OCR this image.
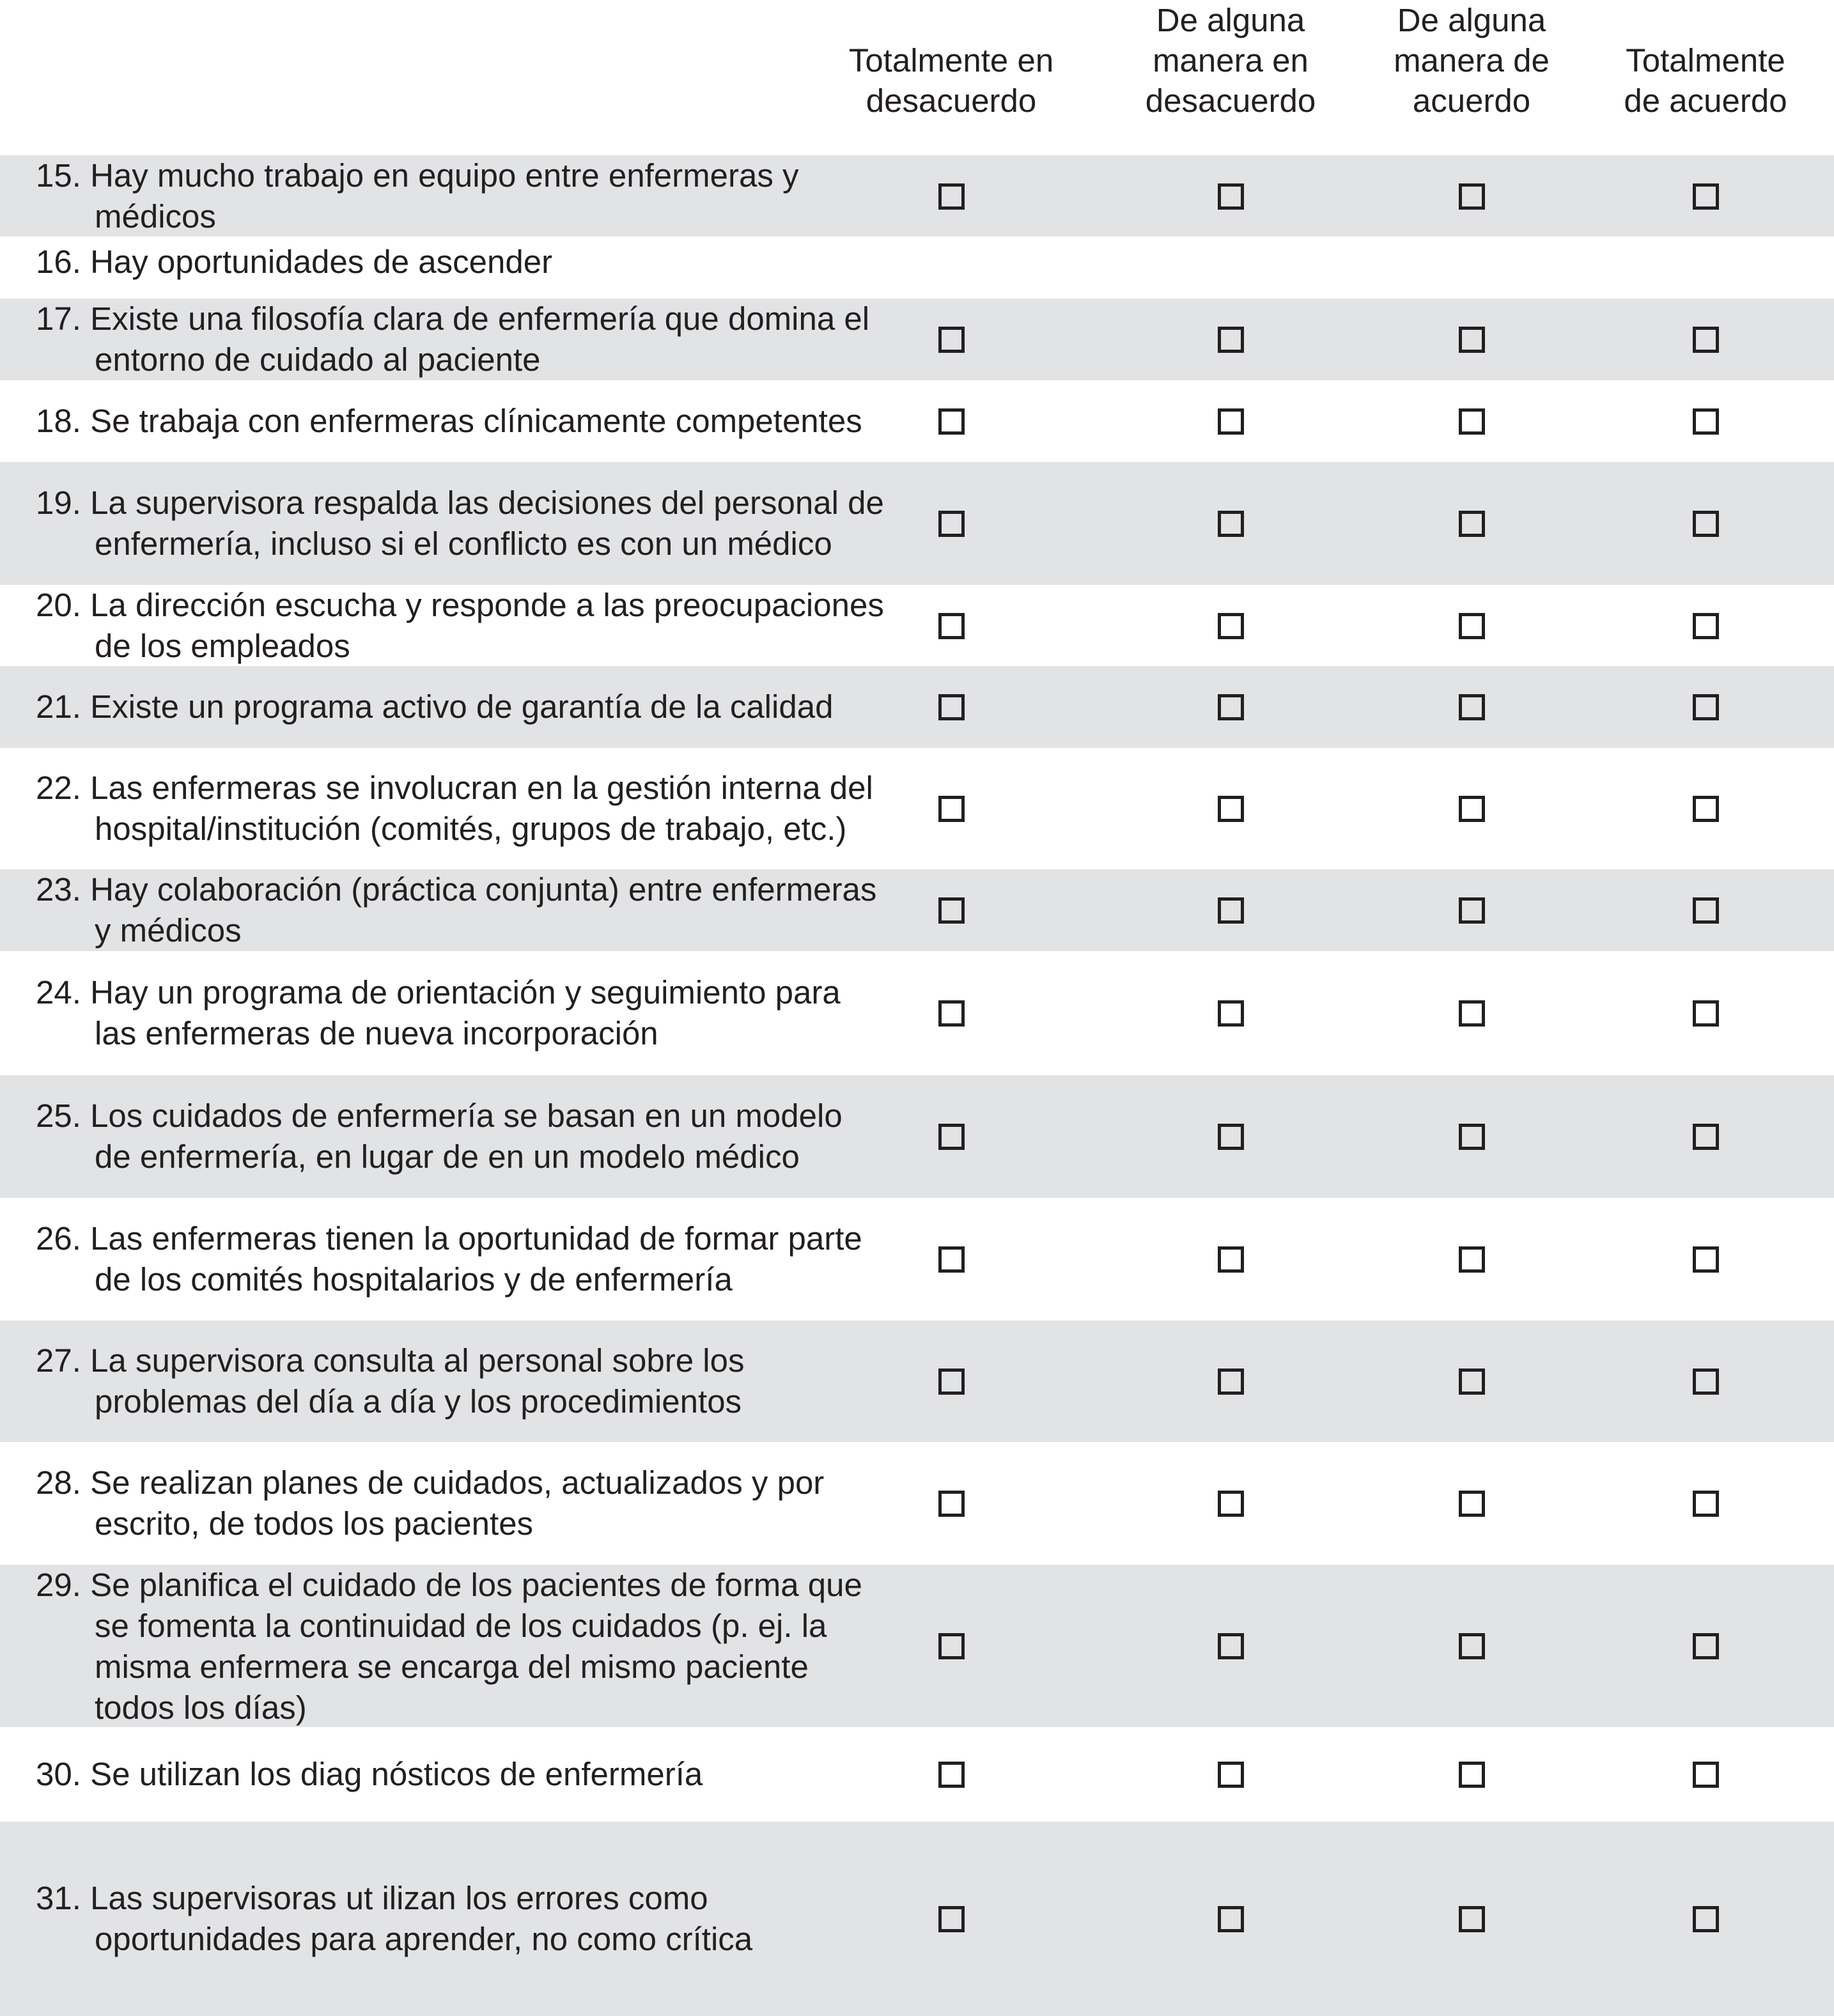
Totalmente en
desacuerdo
De alguna
manera en
desacuerdo
De alguna
manera de
acuerdo
Totalmente
de acuerdo

15. Hay mucho trabajo en equipo entre enfermeras y médicos

16. Hay oportunidades de ascender

17. Existe una filosofía clara de enfermería que domina el entorno de cuidado al paciente

18. Se trabaja con enfermeras clínicamente competentes

19. La supervisora respalda las decisiones del personal de enfermería, incluso si el conflicto es con un médico

20. La dirección escucha y responde a las preocupaciones de los empleados

21. Existe un programa activo de garantía de la calidad

22. Las enfermeras se involucran en la gestión interna del hospital/institución (comités, grupos de trabajo, etc.)

23. Hay colaboración (práctica conjunta) entre enfermeras y médicos

24. Hay un programa de orientación y seguimiento para las enfermeras de nueva incorporación

25. Los cuidados de enfermería se basan en un modelo de enfermería, en lugar de en un modelo médico

26. Las enfermeras tienen la oportunidad de formar parte de los comités hospitalarios y de enfermería

27. La supervisora consulta al personal sobre los problemas del día a día y los procedimientos

28. Se realizan planes de cuidados, actualizados y por escrito, de todos los pacientes

29. Se planifica el cuidado de los pacientes de forma que se fomenta la continuidad de los cuidados (p. ej. la misma enfermera se encarga del mismo paciente todos los días)

30. Se utilizan los diag nósticos de enfermería

31. Las supervisoras ut ilizan los errores como oportunidades para aprender, no como crítica
